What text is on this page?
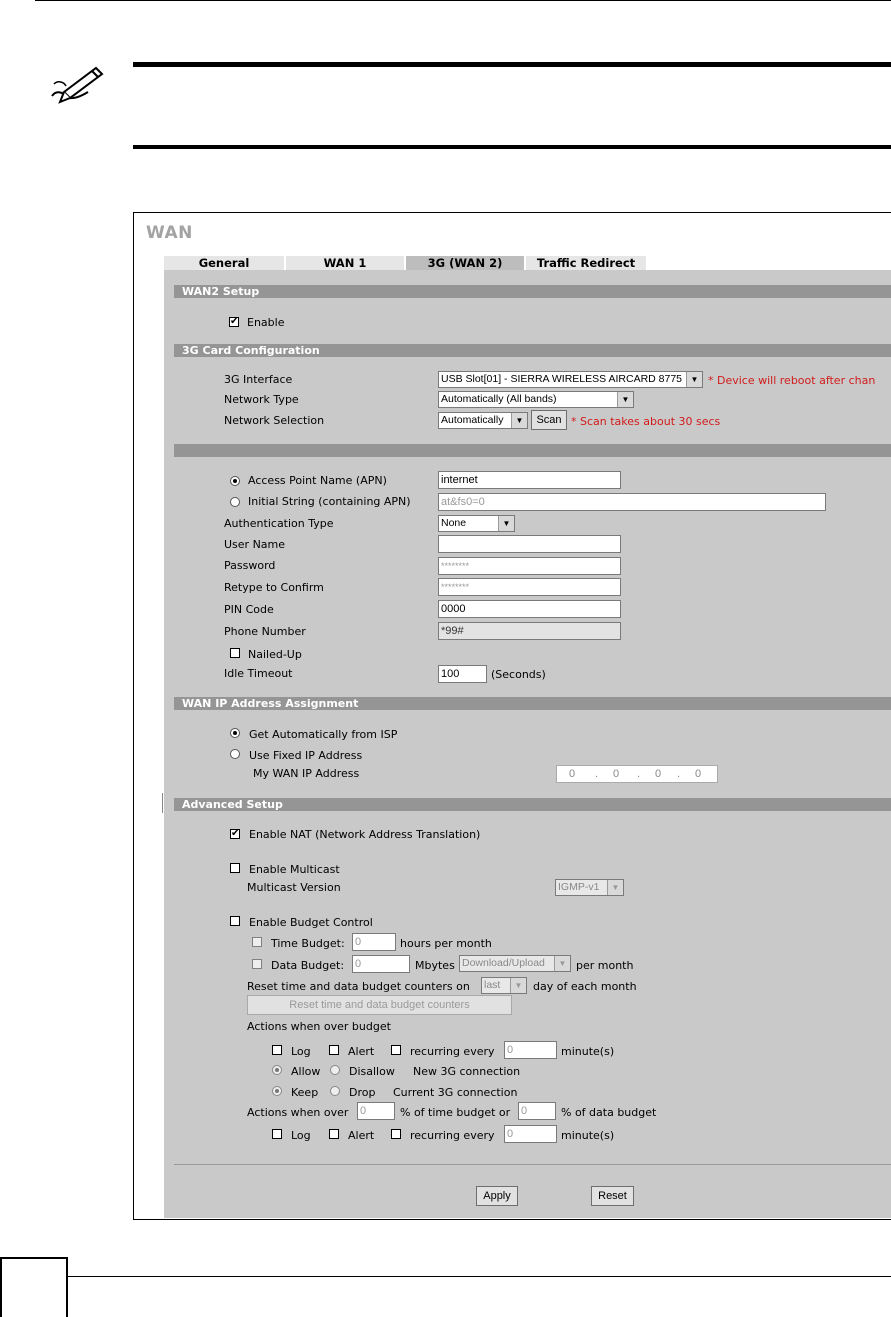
WAN
General	WAN 1	3G (WAN 2)	Traffic Redirect
WAN2 Setup
✔ Enable
3G Card Configuration
3G Interface	USB Slot[01] - SIERRA WIRELESS AIRCARD 8775	▼ * Device will reboot after chan
Network Type	Automatically (All bands)	▼
Network Selection	Automatically	▼	Scan * Scan takes about 30 secs
Access Point Name (APN)	internet
Initial String (containing APN)	at&fs0=0
Authentication Type	None	▼
User Name
Password	********
Retype to Confirm	********
PIN Code	0000
Phone Number	*99#
Nailed-Up
Idle Timeout	100	(Seconds)
WAN IP Address Assignment
Get Automatically from ISP
Use Fixed IP Address
My WAN IP Address	0 . 0 . 0 . 0
Advanced Setup
✔ Enable NAT (Network Address Translation)
Enable Multicast
Multicast Version	IGMP-v1	▼
Enable Budget Control
Time Budget: 0	hours per month
Data Budget: 0	Mbytes Download/Upload	▼ per month
Reset time and data budget counters on last	▼ day of each month
Reset time and data budget counters
Actions when over budget
Log	Alert	recurring every 0	minute(s)
Allow	Disallow New 3G connection
Keep	Drop Current 3G connection
Actions when over 0	% of time budget or 0	% of data budget
Log	Alert	recurring every 0	minute(s)
Apply	Reset
